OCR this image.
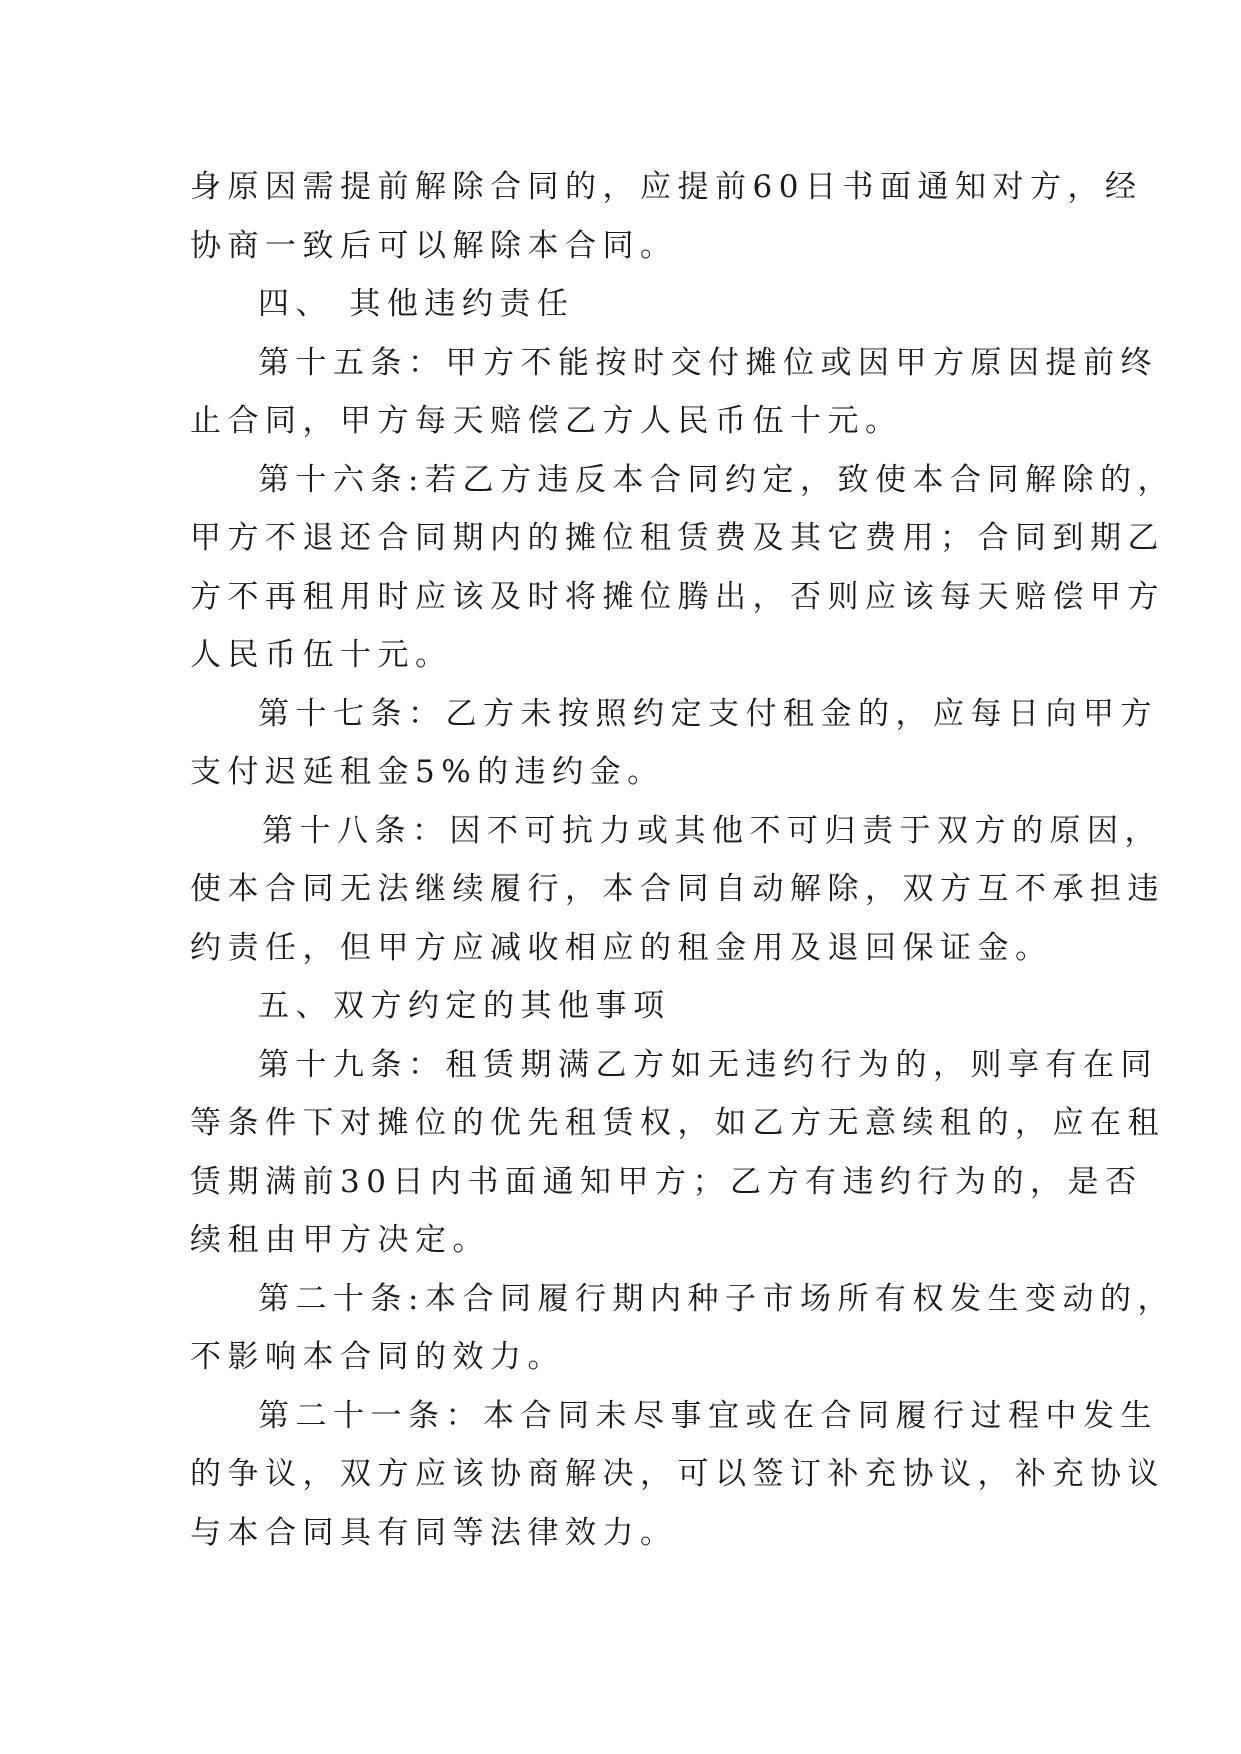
身原因需提前解除合同的，应提前60日书面通知对方，经
协商一致后可以解除本合同。
四、 其他违约责任
第十五条：甲方不能按时交付摊位或因甲方原因提前终
止合同，甲方每天赔偿乙方人民币伍十元。
第十六条:若乙方违反本合同约定，致使本合同解除的，
甲方不退还合同期内的摊位租赁费及其它费用；合同到期乙
方不再租用时应该及时将摊位腾出，否则应该每天赔偿甲方
人民币伍十元。
第十七条：乙方未按照约定支付租金的，应每日向甲方
支付迟延租金5%的违约金。
第十八条：因不可抗力或其他不可归责于双方的原因，
使本合同无法继续履行，本合同自动解除，双方互不承担违
约责任，但甲方应减收相应的租金用及退回保证金。
五、双方约定的其他事项
第十九条：租赁期满乙方如无违约行为的，则享有在同
等条件下对摊位的优先租赁权，如乙方无意续租的，应在租
赁期满前30日内书面通知甲方；乙方有违约行为的，是否
续租由甲方决定。
第二十条:本合同履行期内种子市场所有权发生变动的，
不影响本合同的效力。
第二十一条：本合同未尽事宜或在合同履行过程中发生
的争议，双方应该协商解决，可以签订补充协议，补充协议
与本合同具有同等法律效力。
